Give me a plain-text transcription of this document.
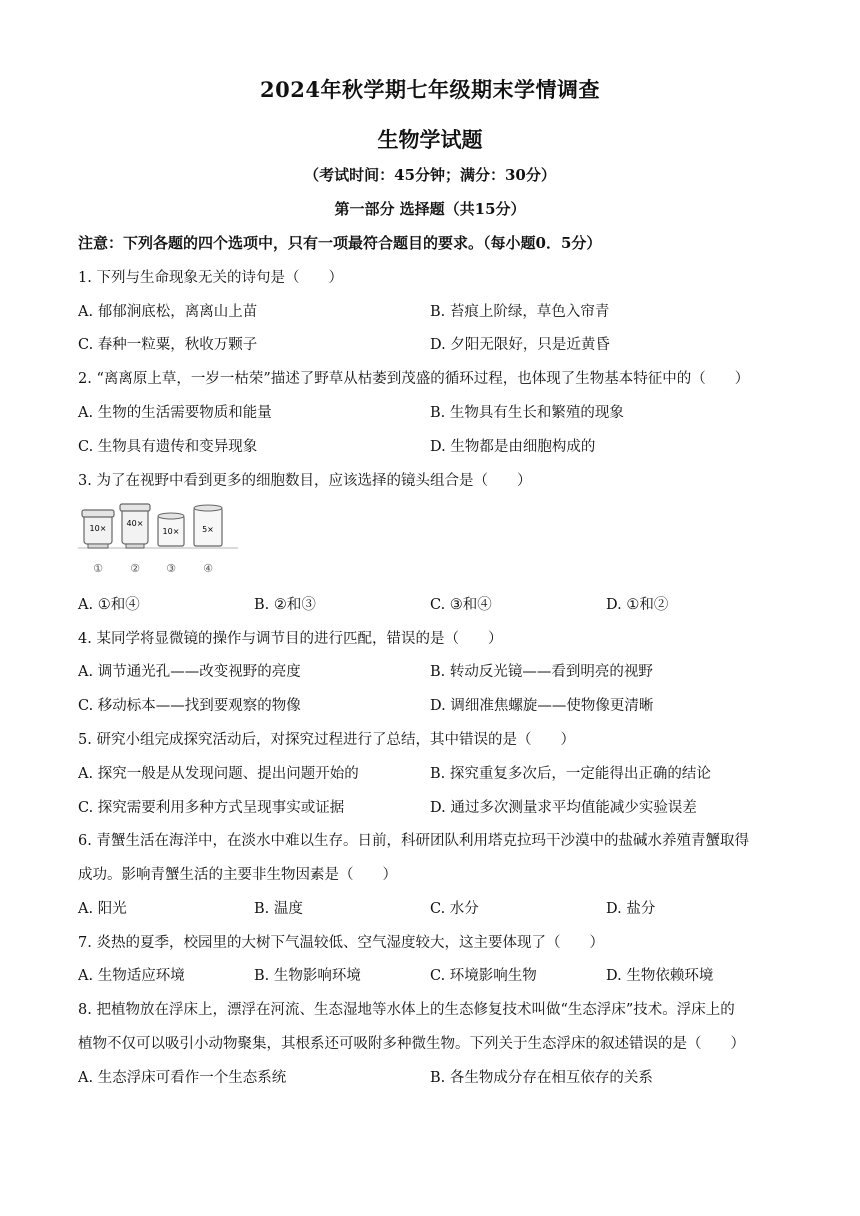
2024年秋学期七年级期末学情调查
生物学试题
（考试时间：45分钟；满分：30分）
第一部分 选择题（共15分）
注意：下列各题的四个选项中，只有一项最符合题目的要求。（每小题0．5分）
1. 下列与生命现象无关的诗句是（　　）
A. 郁郁涧底松，离离山上苗	B. 苔痕上阶绿，草色入帘青
C. 春种一粒粟，秋收万颗子	D. 夕阳无限好，只是近黄昏
2. “离离原上草，一岁一枯荣”描述了野草从枯萎到茂盛的循环过程，也体现了生物基本特征中的（　　）
A. 生物的生活需要物质和能量	B. 生物具有生长和繁殖的现象
C. 生物具有遗传和变异现象	D. 生物都是由细胞构成的
3. 为了在视野中看到更多的细胞数目，应该选择的镜头组合是（　　）
10×
40×
10×	5×
① ② ③ ④
A. ①和④	B. ②和③	C. ③和④	D. ①和②
4. 某同学将显微镜的操作与调节目的进行匹配，错误的是（　　）
A. 调节通光孔——改变视野的亮度	B. 转动反光镜——看到明亮的视野
C. 移动标本——找到要观察的物像	D. 调细准焦螺旋——使物像更清晰
5. 研究小组完成探究活动后，对探究过程进行了总结，其中错误的是（　　）
A. 探究一般是从发现问题、提出问题开始的	B. 探究重复多次后，一定能得出正确的结论
C. 探究需要利用多种方式呈现事实或证据	D. 通过多次测量求平均值能减少实验误差
6. 青蟹生活在海洋中，在淡水中难以生存。日前，科研团队利用塔克拉玛干沙漠中的盐碱水养殖青蟹取得
成功。影响青蟹生活的主要非生物因素是（　　）
A. 阳光	B. 温度	C. 水分	D. 盐分
7. 炎热的夏季，校园里的大树下气温较低、空气湿度较大，这主要体现了（　　）
A. 生物适应环境	B. 生物影响环境	C. 环境影响生物	D. 生物依赖环境
8. 把植物放在浮床上，漂浮在河流、生态湿地等水体上的生态修复技术叫做“生态浮床”技术。浮床上的
植物不仅可以吸引小动物聚集，其根系还可吸附多种微生物。下列关于生态浮床的叙述错误的是（　　）
A. 生态浮床可看作一个生态系统	B. 各生物成分存在相互依存的关系
